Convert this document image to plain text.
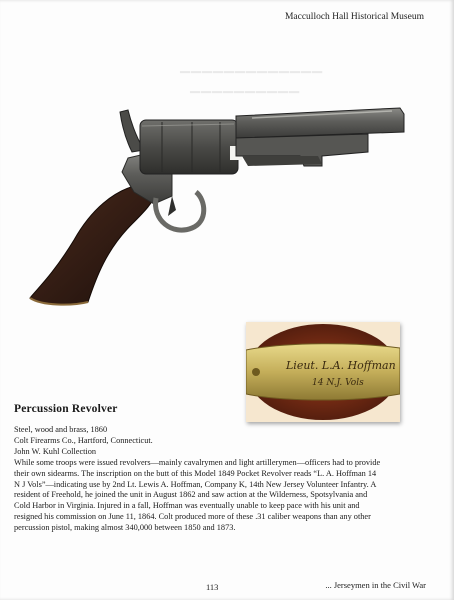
▁▁▁▁▁▁▁▁▁▁▁▁▁
▁▁▁▁▁▁▁▁▁▁
Macculloch Hall Historical Museum
Lieut. L.A. Hoffman
14 N.J. Vols
Percussion Revolver
Steel, wood and brass, 1860
Colt Firearms Co., Hartford, Connecticut.
John W. Kuhl Collection
While some troops were issued revolvers—mainly cavalrymen and light artillerymen—officers had to provide
their own sidearms. The inscription on the butt of this Model 1849 Pocket Revolver reads “L. A. Hoffman 14
N J Vols”—indicating use by 2nd Lt. Lewis A. Hoffman, Company K, 14th New Jersey Volunteer Infantry. A
resident of Freehold, he joined the unit in August 1862 and saw action at the Wilderness, Spotsylvania and
Cold Harbor in Virginia. Injured in a fall, Hoffman was eventually unable to keep pace with his unit and
resigned his commission on June 11, 1864. Colt produced more of these .31 caliber weapons than any other
percussion pistol, making almost 340,000 between 1850 and 1873.
113	... Jerseymen in the Civil War
